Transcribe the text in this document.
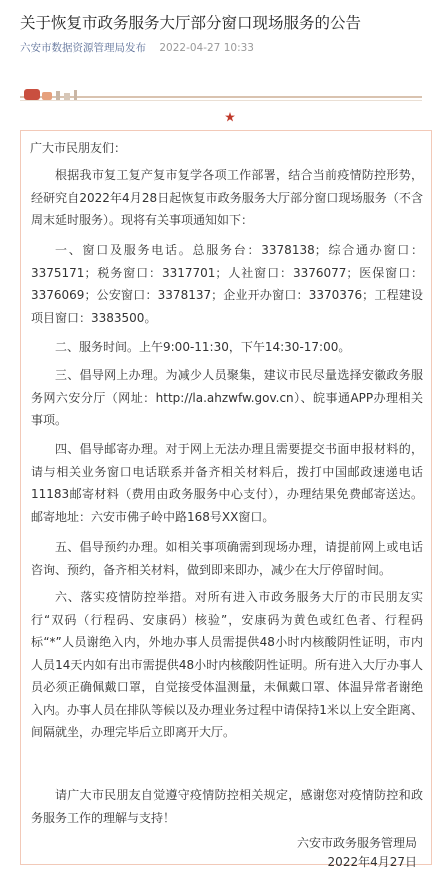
关于恢复市政务服务大厅部分窗口现场服务的公告
六安市数据资源管理局发布 2022-04-27 10:33
广大市民朋友们：
根据我市复工复产复市复学各项工作部署，结合当前疫情防控形势，经研究自2022年4月28日起恢复市政务服务大厅部分窗口现场服务（不含周末延时服务）。现将有关事项通知如下：
一、窗口及服务电话。总服务台：3378138；综合通办窗口：3375171；税务窗口：3317701；人社窗口：3376077；医保窗口：3376069；公安窗口：3378137；企业开办窗口：3370376；工程建设项目窗口：3383500。
二、服务时间。上午9:00-11:30，下午14:30-17:00。
三、倡导网上办理。为减少人员聚集，建议市民尽量选择安徽政务服务网六安分厅（网址：http://la.ahzwfw.gov.cn）、皖事通APP办理相关事项。
四、倡导邮寄办理。对于网上无法办理且需要提交书面申报材料的，请与相关业务窗口电话联系并备齐相关材料后，拨打中国邮政速递电话11183邮寄材料（费用由政务服务中心支付），办理结果免费邮寄送达。邮寄地址：六安市佛子岭中路168号XX窗口。
五、倡导预约办理。如相关事项确需到现场办理，请提前网上或电话咨询、预约，备齐相关材料，做到即来即办，减少在大厅停留时间。
六、落实疫情防控举措。对所有进入市政务服务大厅的市民朋友实行“双码（行程码、安康码）核验”，安康码为黄色或红色者、行程码标“*”人员谢绝入内，外地办事人员需提供48小时内核酸阴性证明，市内人员14天内如有出市需提供48小时内核酸阴性证明。所有进入大厅办事人员必须正确佩戴口罩，自觉接受体温测量，未佩戴口罩、体温异常者谢绝入内。办事人员在排队等候以及办理业务过程中请保持1米以上安全距离、间隔就坐，办理完毕后立即离开大厅。
请广大市民朋友自觉遵守疫情防控相关规定，感谢您对疫情防控和政务服务工作的理解与支持！
六安市政务服务管理局
2022年4月27日
